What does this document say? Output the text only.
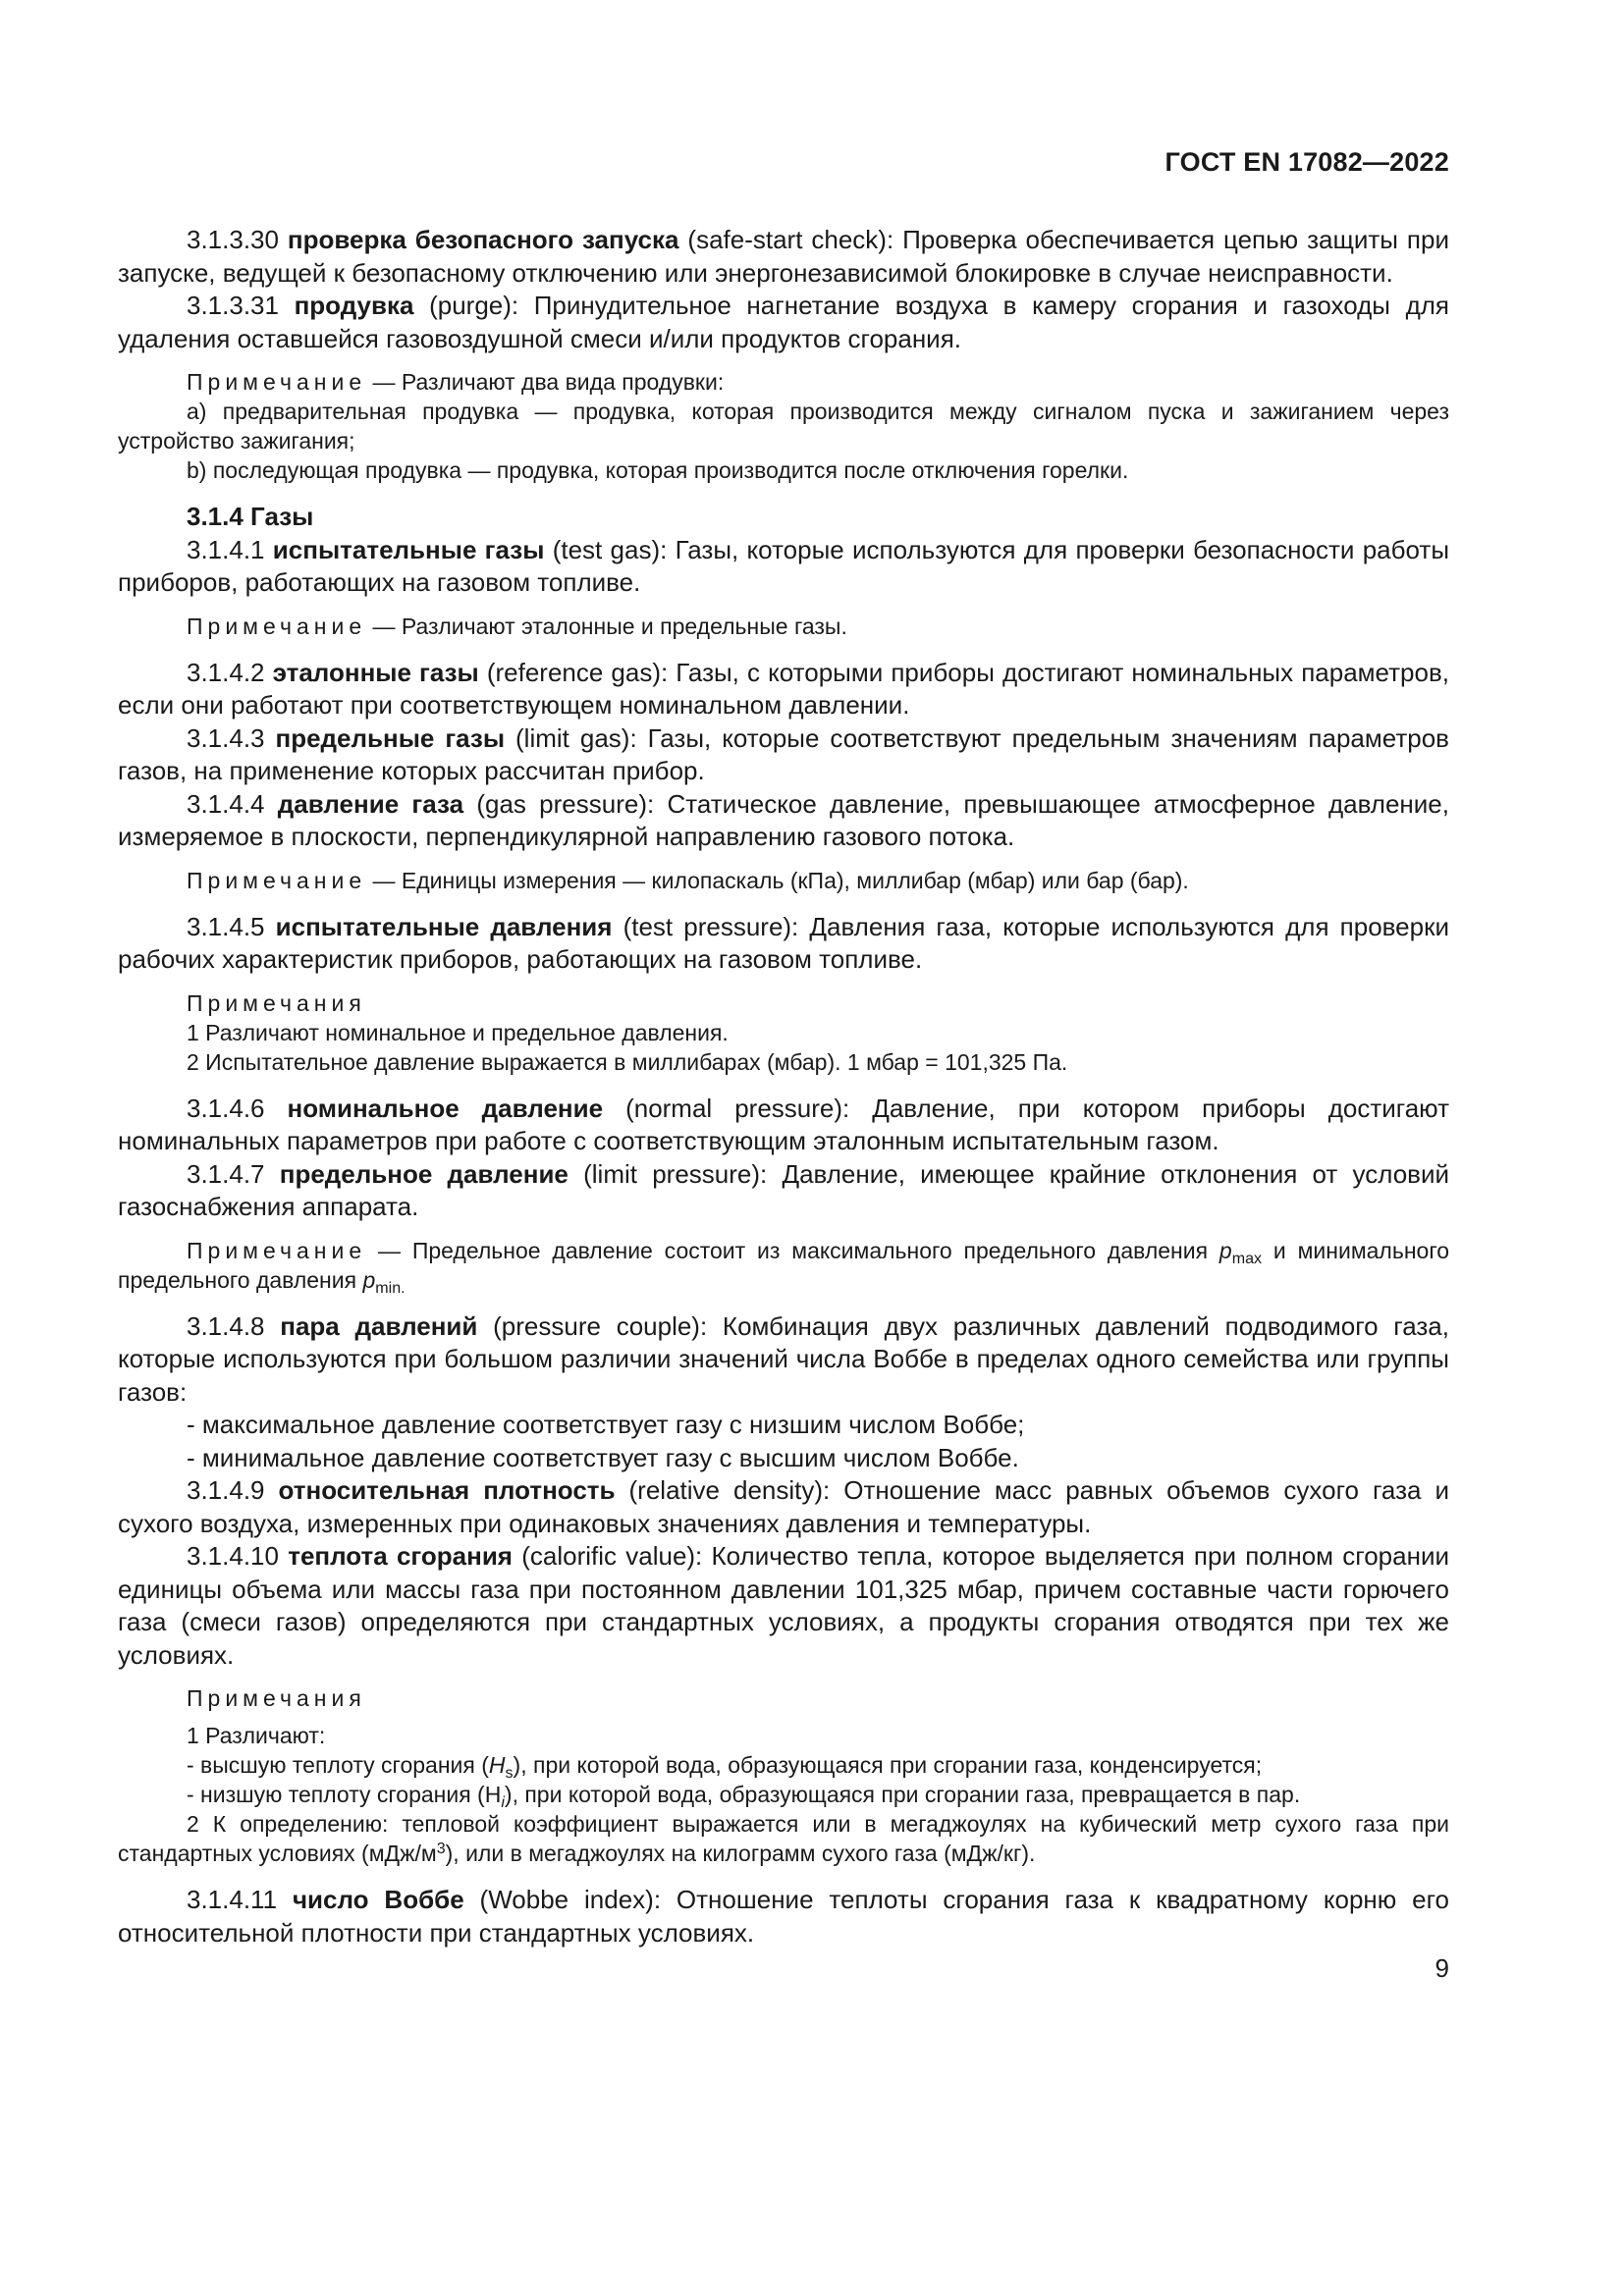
ГОСТ EN 17082—2022

3.1.3.30 проверка безопасного запуска (safe-start check): Проверка обеспечивается цепью защиты при запуске, ведущей к безопасному отключению или энергонезависимой блокировке в случае неисправности.

3.1.3.31 продувка (purge): Принудительное нагнетание воздуха в камеру сгорания и газоходы для удаления оставшейся газовоздушной смеси и/или продуктов сгорания.

Примечание — Различают два вида продувки:

a) предварительная продувка — продувка, которая производится между сигналом пуска и зажиганием через устройство зажигания;

b) последующая продувка — продувка, которая производится после отключения горелки.

3.1.4 Газы

3.1.4.1 испытательные газы (test gas): Газы, которые используются для проверки безопасности работы приборов, работающих на газовом топливе.

Примечание — Различают эталонные и предельные газы.

3.1.4.2 эталонные газы (reference gas): Газы, с которыми приборы достигают номинальных параметров, если они работают при соответствующем номинальном давлении.

3.1.4.3 предельные газы (limit gas): Газы, которые соответствуют предельным значениям параметров газов, на применение которых рассчитан прибор.

3.1.4.4 давление газа (gas pressure): Статическое давление, превышающее атмосферное давление, измеряемое в плоскости, перпендикулярной направлению газового потока.

Примечание — Единицы измерения — килопаскаль (кПа), миллибар (мбар) или бар (бар).

3.1.4.5 испытательные давления (test pressure): Давления газа, которые используются для проверки рабочих характеристик приборов, работающих на газовом топливе.

Примечания

1 Различают номинальное и предельное давления.

2 Испытательное давление выражается в миллибарах (мбар). 1 мбар = 101,325 Па.

3.1.4.6 номинальное давление (normal pressure): Давление, при котором приборы достигают номинальных параметров при работе с соответствующим эталонным испытательным газом.

3.1.4.7 предельное давление (limit pressure): Давление, имеющее крайние отклонения от условий газоснабжения аппарата.

Примечание — Предельное давление состоит из максимального предельного давления $p_{max}$ и минимального предельного давления $p_{min.}$

3.1.4.8 пара давлений (pressure couple): Комбинация двух различных давлений подводимого газа, которые используются при большом различии значений числа Воббе в пределах одного семейства или группы газов:

- максимальное давление соответствует газу с низшим числом Воббе;

- минимальное давление соответствует газу с высшим числом Воббе.

3.1.4.9 относительная плотность (relative density): Отношение масс равных объемов сухого газа и сухого воздуха, измеренных при одинаковых значениях давления и температуры.

3.1.4.10 теплота сгорания (calorific value): Количество тепла, которое выделяется при полном сгорании единицы объема или массы газа при постоянном давлении 101,325 мбар, причем составные части горючего газа (смеси газов) определяются при стандартных условиях, а продукты сгорания отводятся при тех же условиях.

Примечания

1 Различают:

- высшую теплоту сгорания $(H_s)$, при которой вода, образующаяся при сгорании газа, конденсируется;

- низшую теплоту сгорания $(H_i)$, при которой вода, образующаяся при сгорании газа, превращается в пар.

2 К определению: тепловой коэффициент выражается или в мегаджоулях на кубический метр сухого газа при стандартных условиях $(мДж/м^3)$, или в мегаджоулях на килограмм сухого газа (мДж/кг).

3.1.4.11 число Воббе (Wobbe index): Отношение теплоты сгорания газа к квадратному корню его относительной плотности при стандартных условиях.

9
